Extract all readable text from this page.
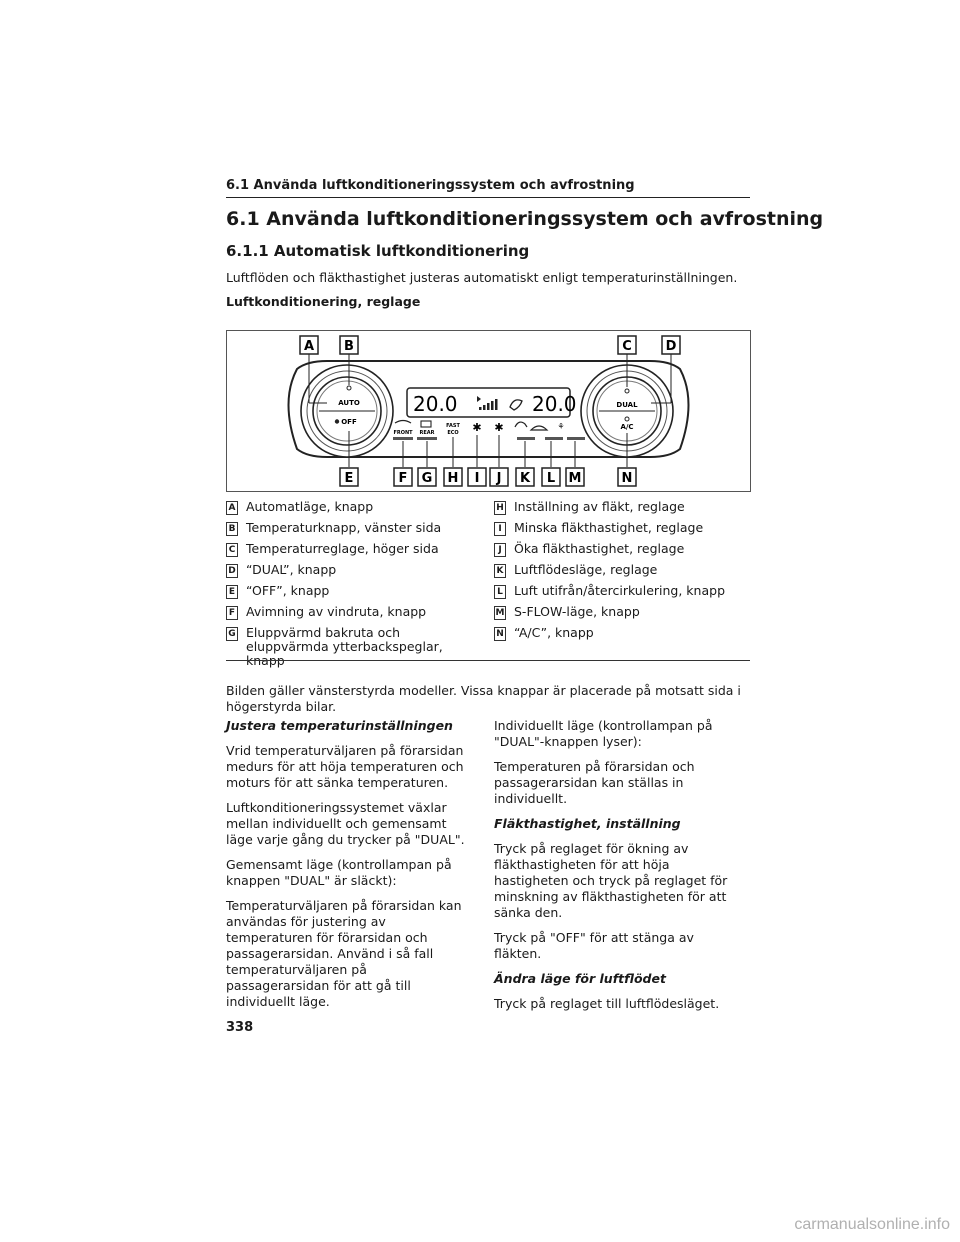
6.1 Använda luftkonditioneringssystem och avfrostning
6.1 Använda luftkonditioneringssystem och avfrostning
6.1.1 Automatisk luftkonditionering
Luftflöden och fläkthastighet justeras automatiskt enligt temperaturinställningen.
Luftkonditionering, reglage
AUTO
OFF
DUAL
A/C
20.0	20.0
FRONT REAR
FAST
ECO ✱ ✱	⚘
A B	C	D
E	F G H I J K L M	N
A Automatläge, knapp
B Temperaturknapp, vänster sida
C Temperaturreglage, höger sida
D “DUAL”, knapp
E “OFF”, knapp
F Avimning av vindruta, knapp
G Eluppvärmd bakruta och eluppvärmda ytterbackspeglar, knapp
H Inställning av fläkt, reglage
I Minska fläkthastighet, reglage
J Öka fläkthastighet, reglage
K Luftflödesläge, reglage
L Luft utifrån/återcirkulering, knapp
M S-FLOW-läge, knapp
N “A/C”, knapp
Bilden gäller vänsterstyrda modeller. Vissa knappar är placerade på motsatt sida i högerstyrda bilar.

Justera temperaturinställningen

Vrid temperaturväljaren på förarsidan medurs för att höja temperaturen och moturs för att sänka temperaturen.

Luftkonditioneringssystemet växlar mellan individuellt och gemensamt läge varje gång du trycker på "DUAL".

Gemensamt läge (kontrollampan på knappen "DUAL" är släckt):

Temperaturväljaren på förarsidan kan användas för justering av temperaturen för förarsidan och passagerarsidan. Använd i så fall temperaturväljaren på passagerarsidan för att gå till individuellt läge.

Individuellt läge (kontrollampan på "DUAL"-knappen lyser):

Temperaturen på förarsidan och passagerarsidan kan ställas in individuellt.

Fläkthastighet, inställning

Tryck på reglaget för ökning av fläkthastigheten för att höja hastigheten och tryck på reglaget för minskning av fläkthastigheten för att sänka den.

Tryck på "OFF" för att stänga av fläkten.

Ändra läge för luftflödet

Tryck på reglaget till luftflödesläget.

338
carmanualsonline.info
